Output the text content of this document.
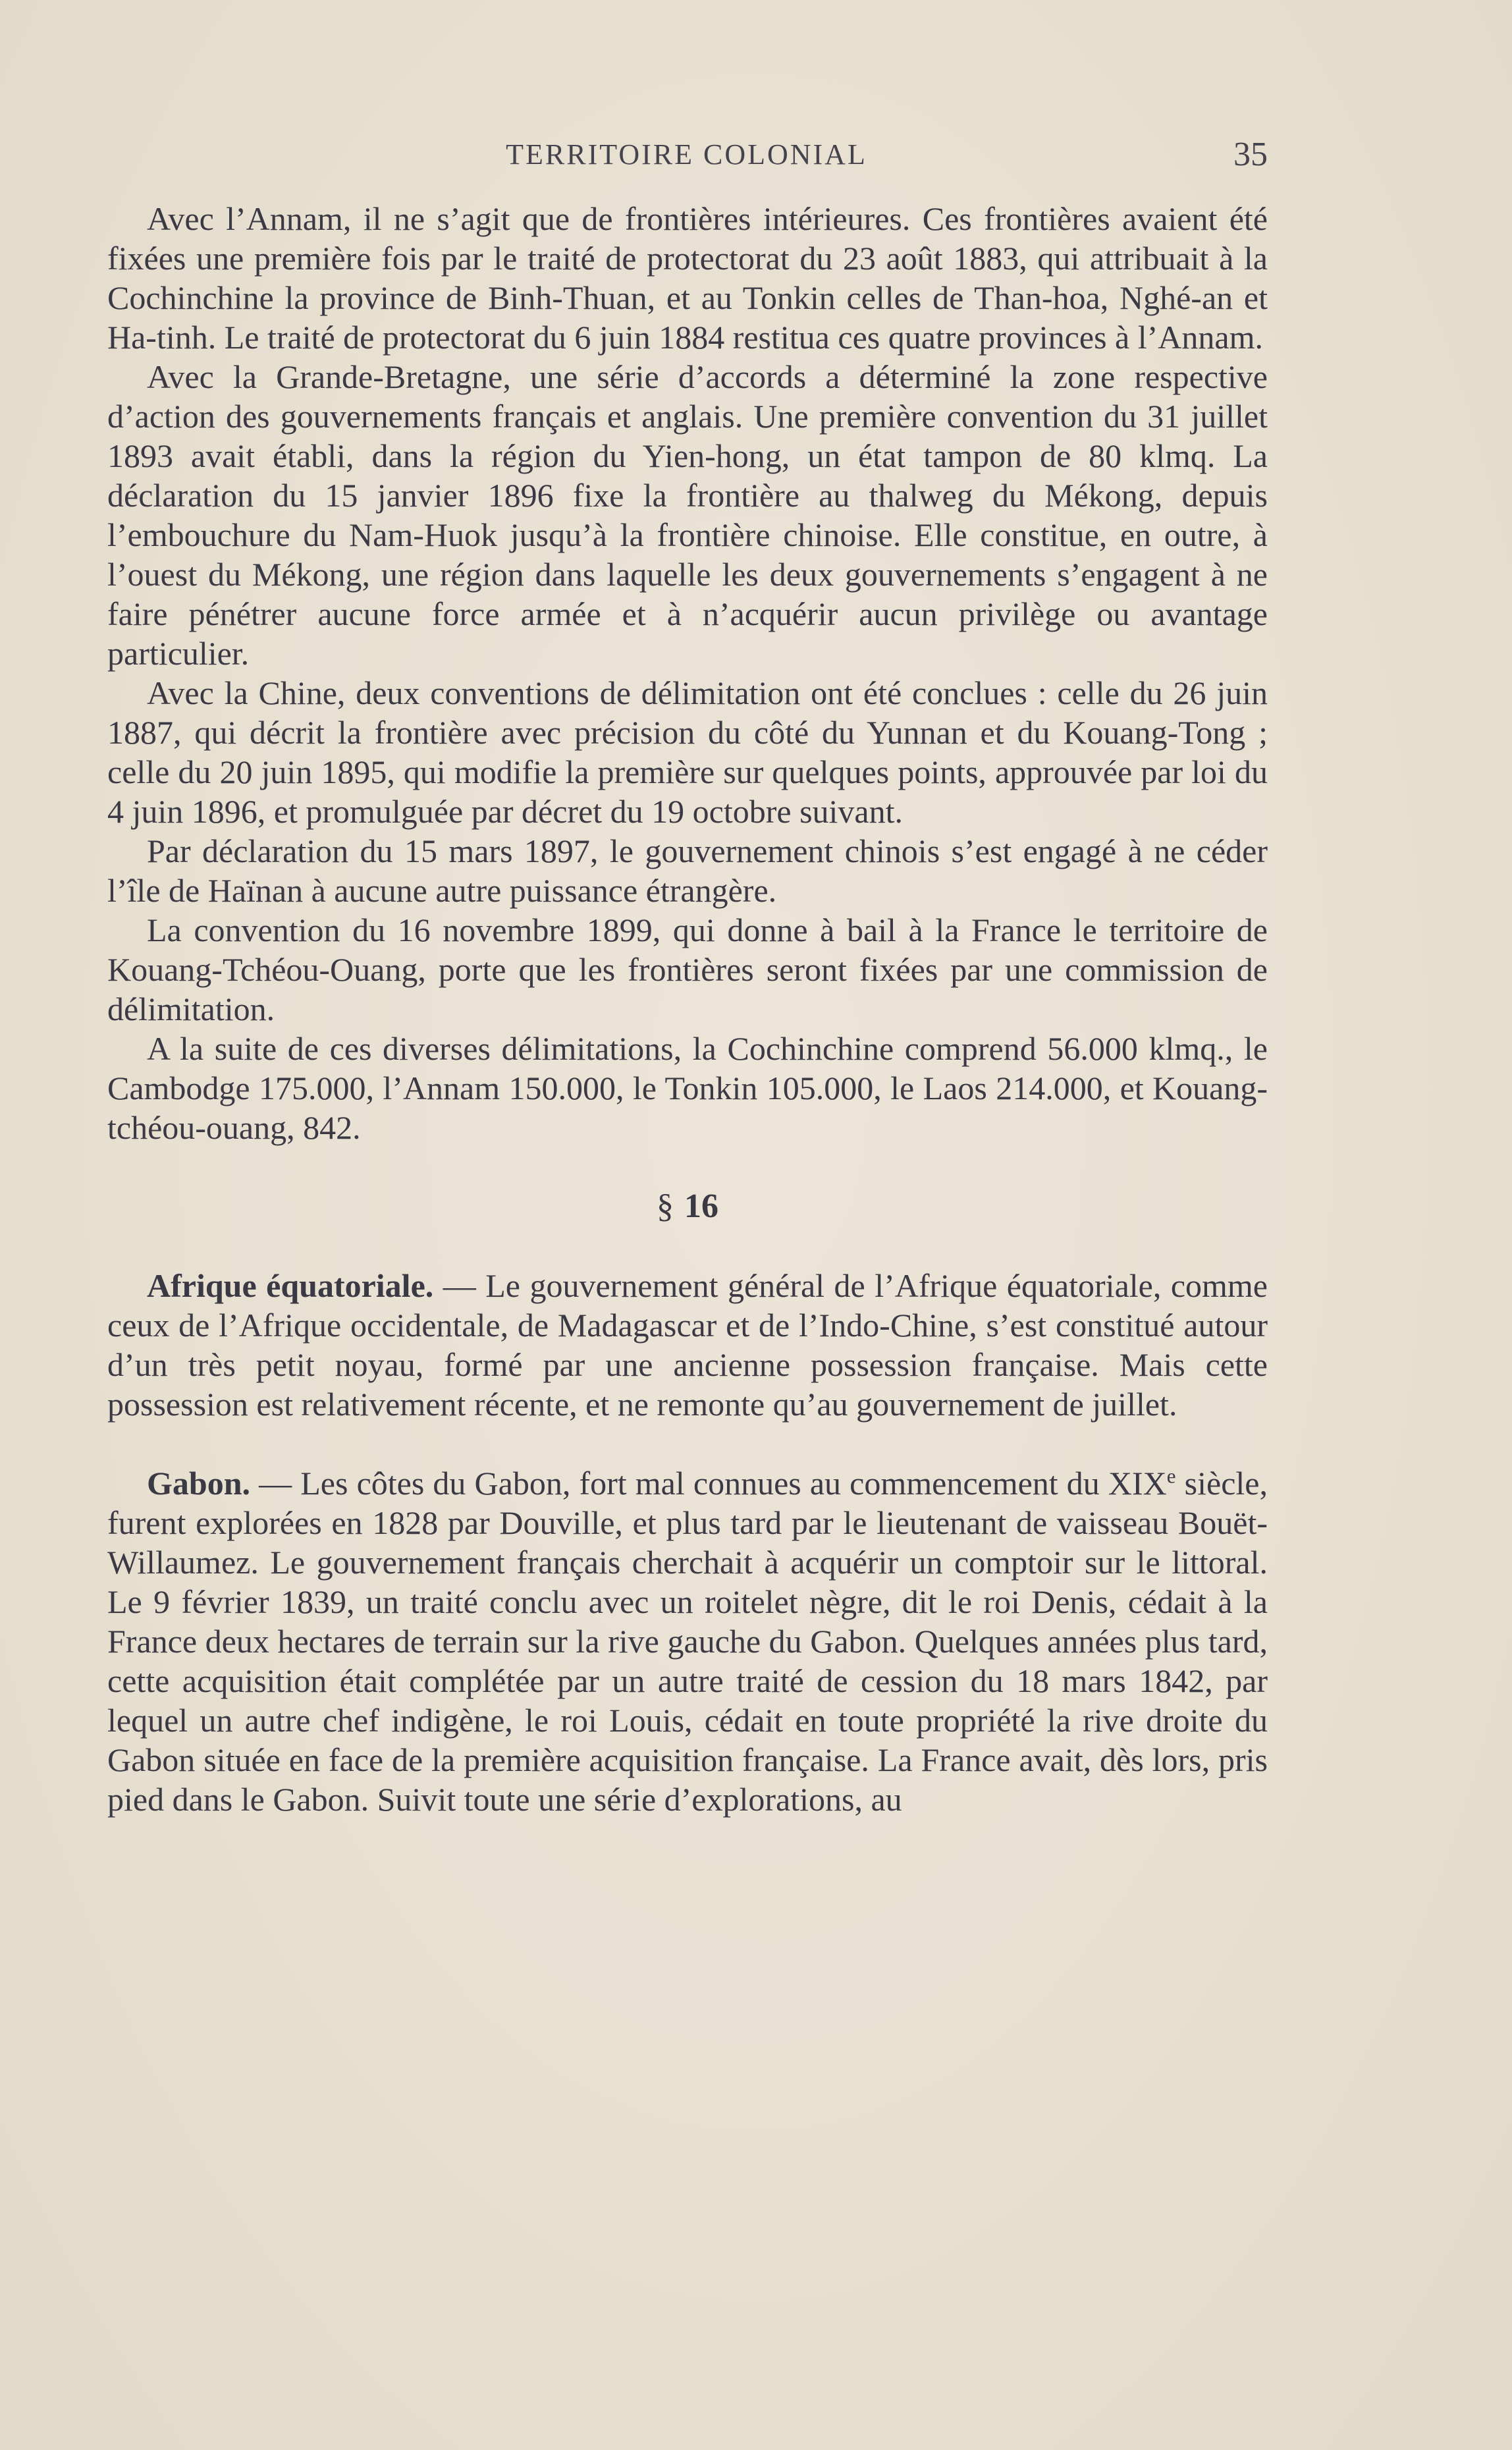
TERRITOIRE COLONIAL	35

Avec l’Annam, il ne s’agit que de frontières intérieures. Ces frontières avaient été fixées une première fois par le traité de protectorat du 23 août 1883, qui attribuait à la Cochinchine la province de Binh-Thuan, et au Tonkin celles de Than-hoa, Nghé-an et Ha-tinh. Le traité de protectorat du 6 juin 1884 restitua ces quatre provinces à l’Annam.

Avec la Grande-Bretagne, une série d’accords a déterminé la zone respective d’action des gouvernements français et anglais. Une première convention du 31 juillet 1893 avait établi, dans la région du Yien-hong, un état tampon de 80 klmq. La déclaration du 15 janvier 1896 fixe la frontière au thalweg du Mékong, depuis l’embouchure du Nam-Huok jusqu’à la frontière chinoise. Elle constitue, en outre, à l’ouest du Mékong, une région dans laquelle les deux gouvernements s’engagent à ne faire pénétrer aucune force armée et à n’acquérir aucun privilège ou avantage particulier.

Avec la Chine, deux conventions de délimitation ont été conclues : celle du 26 juin 1887, qui décrit la frontière avec précision du côté du Yunnan et du Kouang-Tong ; celle du 20 juin 1895, qui modifie la première sur quelques points, approuvée par loi du 4 juin 1896, et promulguée par décret du 19 octobre suivant.

Par déclaration du 15 mars 1897, le gouvernement chinois s’est engagé à ne céder l’île de Haïnan à aucune autre puissance étrangère.

La convention du 16 novembre 1899, qui donne à bail à la France le territoire de Kouang-Tchéou-Ouang, porte que les frontières seront fixées par une commission de délimitation.

A la suite de ces diverses délimitations, la Cochinchine comprend 56.000 klmq., le Cambodge 175.000, l’Annam 150.000, le Tonkin 105.000, le Laos 214.000, et Kouang-tchéou-ouang, 842.

§ 16

Afrique équatoriale. — Le gouvernement général de l’Afrique équatoriale, comme ceux de l’Afrique occidentale, de Madagascar et de l’Indo-Chine, s’est constitué autour d’un très petit noyau, formé par une ancienne possession française. Mais cette possession est relativement récente, et ne remonte qu’au gouvernement de juillet.

Gabon. — Les côtes du Gabon, fort mal connues au commencement du XIXe siècle, furent explorées en 1828 par Douville, et plus tard par le lieutenant de vaisseau Bouët-Willaumez. Le gouvernement français cherchait à acquérir un comptoir sur le littoral. Le 9 février 1839, un traité conclu avec un roitelet nègre, dit le roi Denis, cédait à la France deux hectares de terrain sur la rive gauche du Gabon. Quelques années plus tard, cette acquisition était complétée par un autre traité de cession du 18 mars 1842, par lequel un autre chef indigène, le roi Louis, cédait en toute propriété la rive droite du Gabon située en face de la première acquisition française. La France avait, dès lors, pris pied dans le Gabon. Suivit toute une série d’explorations, au
